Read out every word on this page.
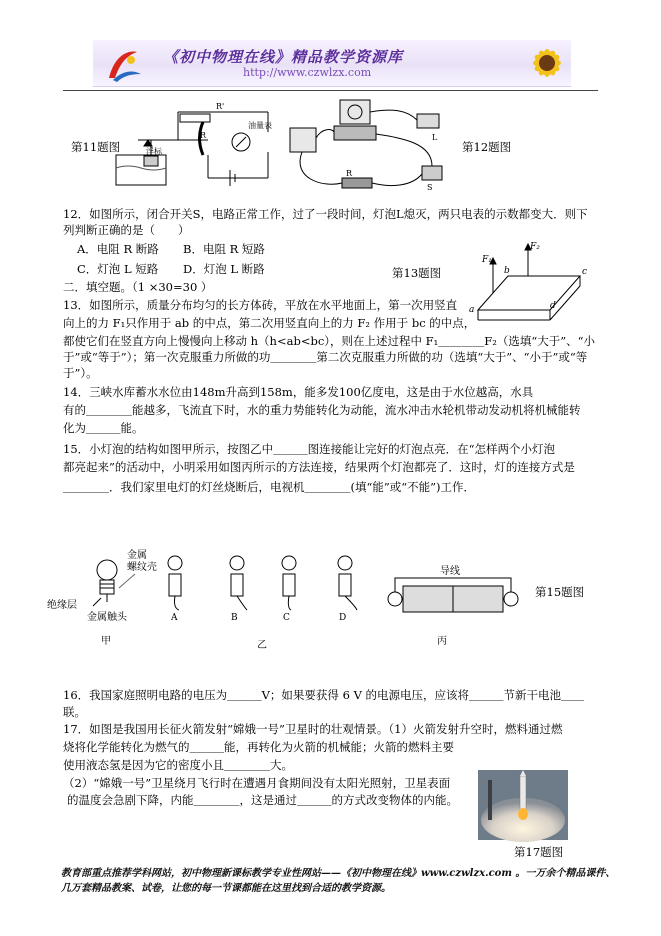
《初中物理在线》精品教学资源库
http://www.czwlzx.com
第11题图
R'
R
油量表
浮标
L
S
R
第12题图
12．如图所示，闭合开关S，电路正常工作，过了一段时间，灯泡L熄灭，两只电表的示数都变大．则下
列判断正确的是（　　）
A．电阻 R 断路 B．电阻 R 短路
C．灯泡 L 短路 D．灯泡 L 断路	第13题图
F₁
F₂
a
b	c
d
二．填空题。（1 ×30=30 ）
13．如图所示，质量分布均匀的长方体砖，平放在水平地面上，第一次用竖直
向上的力 F₁只作用于 ab 的中点，第二次用竖直向上的力 F₂ 作用于 bc 的中点，
都使它们在竖直方向上慢慢向上移动 h（h<ab<bc），则在上述过程中 F₁＿＿＿＿F₂（选填“大于”、“小
于”或“等于”）；第一次克服重力所做的功＿＿＿＿第二次克服重力所做的功（选填“大于”、“小于”或“等
于”）。
14．三峡水库蓄水水位由148m升高到158m，能多发100亿度电，这是由于水位越高，水具
有的＿＿＿＿能越多，飞流直下时，水的重力势能转化为动能，流水冲击水轮机带动发动机将机械能转
化为＿＿＿能。
15．小灯泡的结构如图甲所示，按图乙中＿＿＿图连接能让完好的灯泡点亮．在“怎样两个小灯泡
都亮起来”的活动中，小明采用如图丙所示的方法连接，结果两个灯泡都亮了．这时，灯的连接方式是
＿＿＿＿．我们家里电灯的灯丝烧断后，电视机＿＿＿＿(填“能”或“不能”)工作．
金属螺纹壳
绝缘层
金属触头
导线
A	B	C	D
甲	乙	丙
第15题图
16．我国家庭照明电路的电压为＿＿＿V；如果要获得 6 V 的电源电压，应该将＿＿＿节新干电池＿＿
联。
17．如图是我国用长征火箭发射“嫦娥一号”卫星时的壮观情景。（1）火箭发射升空时，燃料通过燃
烧将化学能转化为燃气的＿＿＿能，再转化为火箭的机械能；火箭的燃料主要
使用液态氢是因为它的密度小且＿＿＿＿大。
（2）“嫦娥一号”卫星绕月飞行时在遭遇月食期间没有太阳光照射，卫星表面
的温度会急剧下降，内能＿＿＿＿，这是通过＿＿＿的方式改变物体的内能。
第17题图
教育部重点推荐学科网站，初中物理新课标教学专业性网站——《初中物理在线》www.czwlzx.com 。一万余个精品课件、
几万套精品教案、试卷，让您的每一节课都能在这里找到合适的教学资源。
